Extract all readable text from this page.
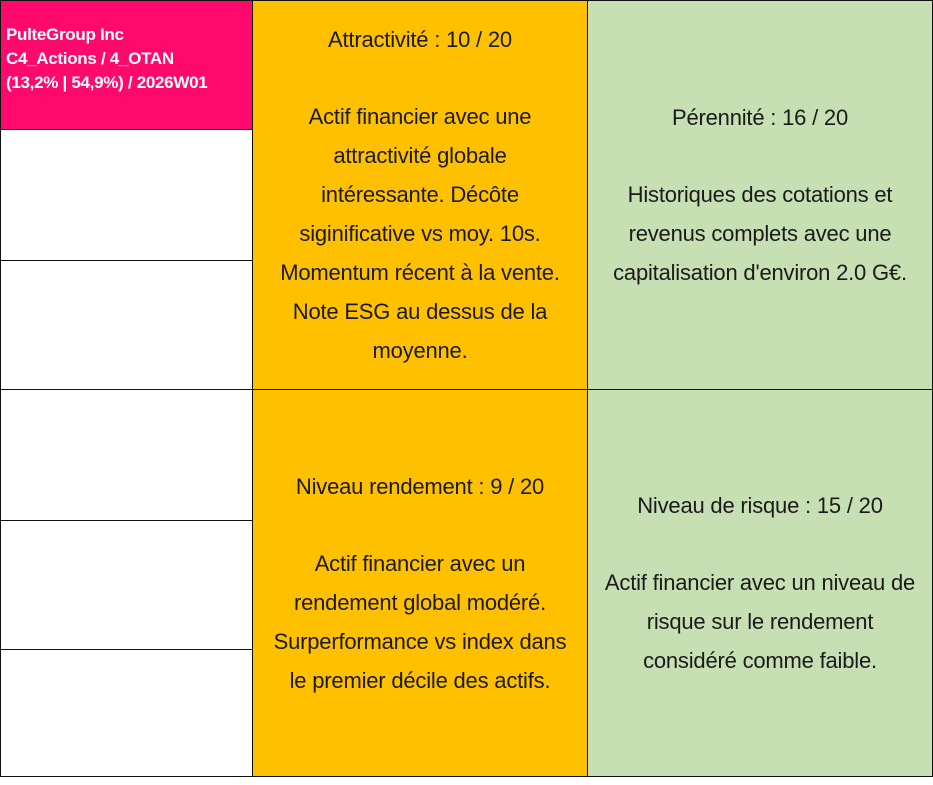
PulteGroup Inc
C4_Actions / 4_OTAN
(13,2% | 54,9%) / 2026W01
Attractivité : 10 / 20
Actif financier avec une
attractivité globale
intéressante. Décôte
siginificative vs moy. 10s.
Momentum récent à la vente.
Note ESG au dessus de la
moyenne.
Pérennité : 16 / 20
Historiques des cotations et
revenus complets avec une
capitalisation d'environ 2.0 G€.
Niveau rendement : 9 / 20
Actif financier avec un
rendement global modéré.
Surperformance vs index dans
le premier décile des actifs.
Niveau de risque : 15 / 20
Actif financier avec un niveau de
risque sur le rendement
considéré comme faible.
